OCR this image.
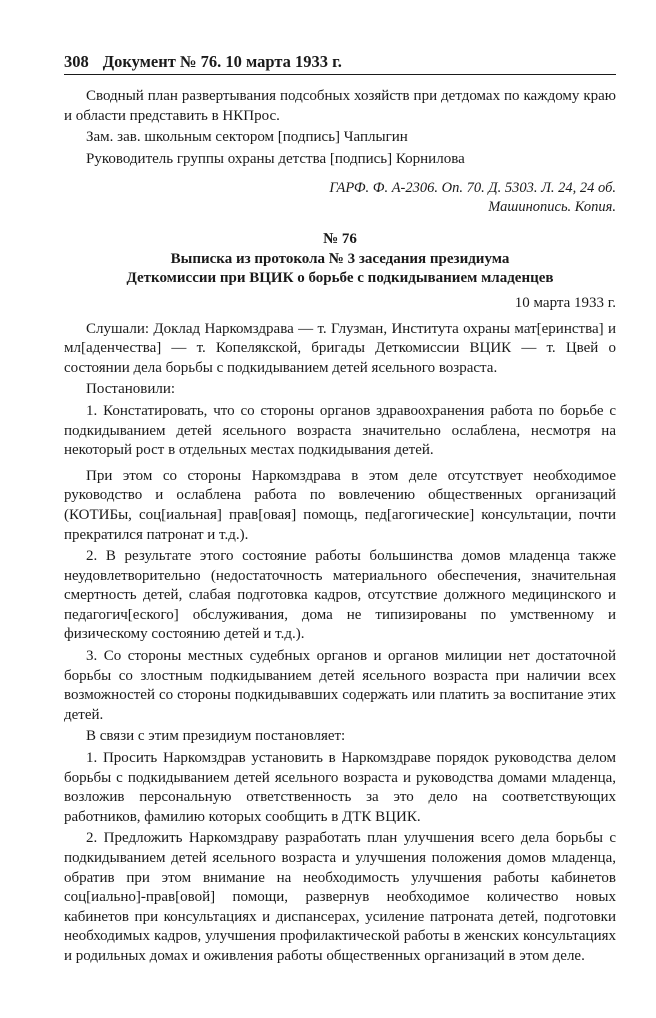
308 Документ № 76. 10 марта 1933 г.

Сводный план развертывания подсобных хозяйств при детдомах по каждому краю и области представить в НКПрос.

Зам. зав. школьным сектором [подпись] Чаплыгин

Руководитель группы охраны детства [подпись] Корнилова

ГАРФ. Ф. А-2306. Оп. 70. Д. 5303. Л. 24, 24 об.
Машинопись. Копия.
№ 76
Выписка из протокола № 3 заседания президиума
Деткомиссии при ВЦИК о борьбе с подкидыванием младенцев
10 марта 1933 г.

Слушали: Доклад Наркомздрава — т. Глузман, Института охраны мат[еринства] и мл[аденчества] — т. Копелякской, бригады Деткомиссии ВЦИК — т. Цвей о состоянии дела борьбы с подкидыванием детей ясельного возраста.

Постановили:

1. Констатировать, что со стороны органов здравоохранения работа по борьбе с подкидыванием детей ясельного возраста значительно ослаблена, несмотря на некоторый рост в отдельных местах подкидывания детей.

При этом со стороны Наркомздрава в этом деле отсутствует необходимое руководство и ослаблена работа по вовлечению общественных организаций (КОТИБы, соц[иальная] прав[овая] помощь, пед[агогические] консультации, почти прекратился патронат и т.д.).

2. В результате этого состояние работы большинства домов младенца также неудовлетворительно (недостаточность материального обеспечения, значительная смертность детей, слабая подготовка кадров, отсутствие должного медицинского и педагогич[еского] обслуживания, дома не типизированы по умственному и физическому состоянию детей и т.д.).

3. Со стороны местных судебных органов и органов милиции нет достаточной борьбы со злостным подкидыванием детей ясельного возраста при наличии всех возможностей со стороны подкидывавших содержать или платить за воспитание этих детей.

В связи с этим президиум постановляет:

1. Просить Наркомздрав установить в Наркомздраве порядок руководства делом борьбы с подкидыванием детей ясельного возраста и руководства домами младенца, возложив персональную ответственность за это дело на соответствующих работников, фамилию которых сообщить в ДТК ВЦИК.

2. Предложить Наркомздраву разработать план улучшения всего дела борьбы с подкидыванием детей ясельного возраста и улучшения положения домов младенца, обратив при этом внимание на необходимость улучшения работы кабинетов соц[иально]-прав[овой] помощи, развернув необходимое количество новых кабинетов при консультациях и диспансерах, усиление патроната детей, подготовки необходимых кадров, улучшения профилактической работы в женских консультациях и родильных домах и оживления работы общественных организаций в этом деле.
